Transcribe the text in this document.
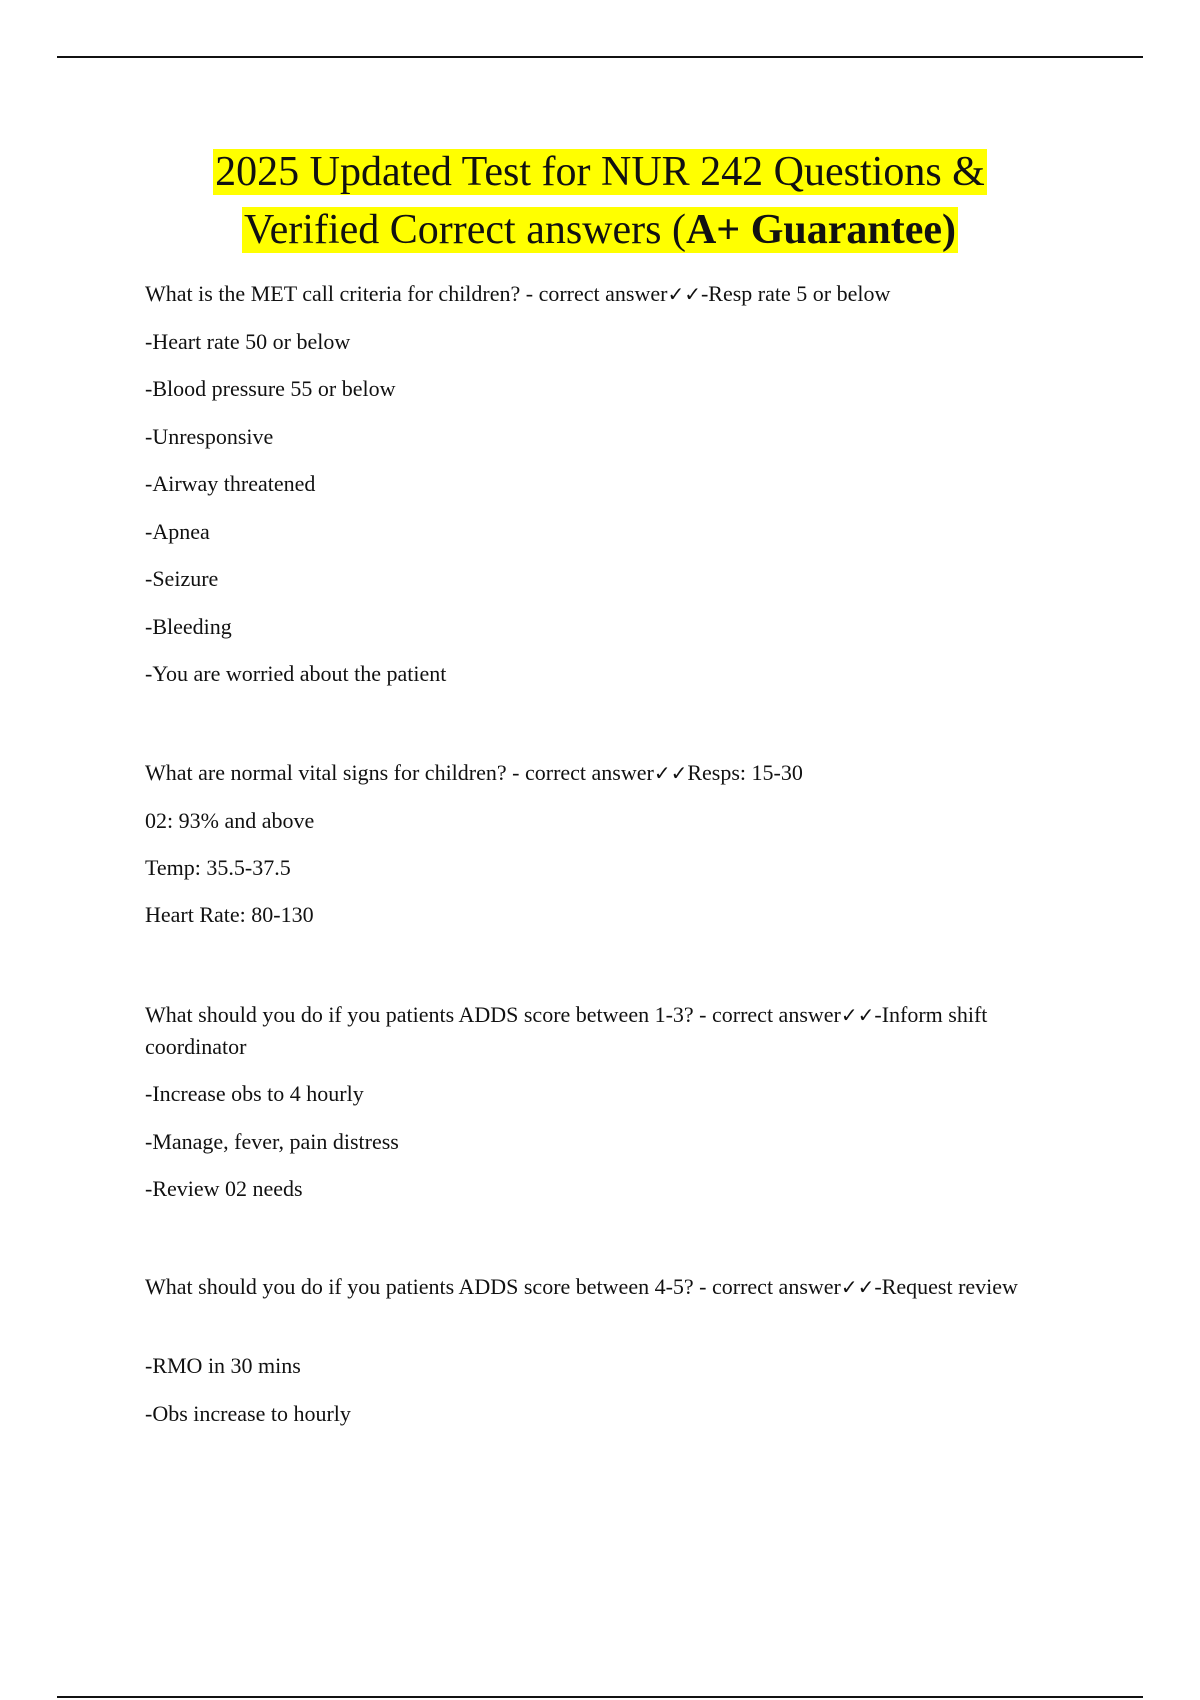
2025 Updated Test for NUR 242 Questions &
Verified Correct answers (A+ Guarantee)

What is the MET call criteria for children? - correct answer✓✓-Resp rate 5 or below

-Heart rate 50 or below

-Blood pressure 55 or below

-Unresponsive

-Airway threatened

-Apnea

-Seizure

-Bleeding

-You are worried about the patient

What are normal vital signs for children? - correct answer✓✓Resps: 15-30

02: 93% and above

Temp: 35.5-37.5

Heart Rate: 80-130

What should you do if you patients ADDS score between 1-3? - correct answer✓✓-Inform shift coordinator

-Increase obs to 4 hourly

-Manage, fever, pain distress

-Review 02 needs

What should you do if you patients ADDS score between 4-5? - correct answer✓✓-Request review

-RMO in 30 mins

-Obs increase to hourly
